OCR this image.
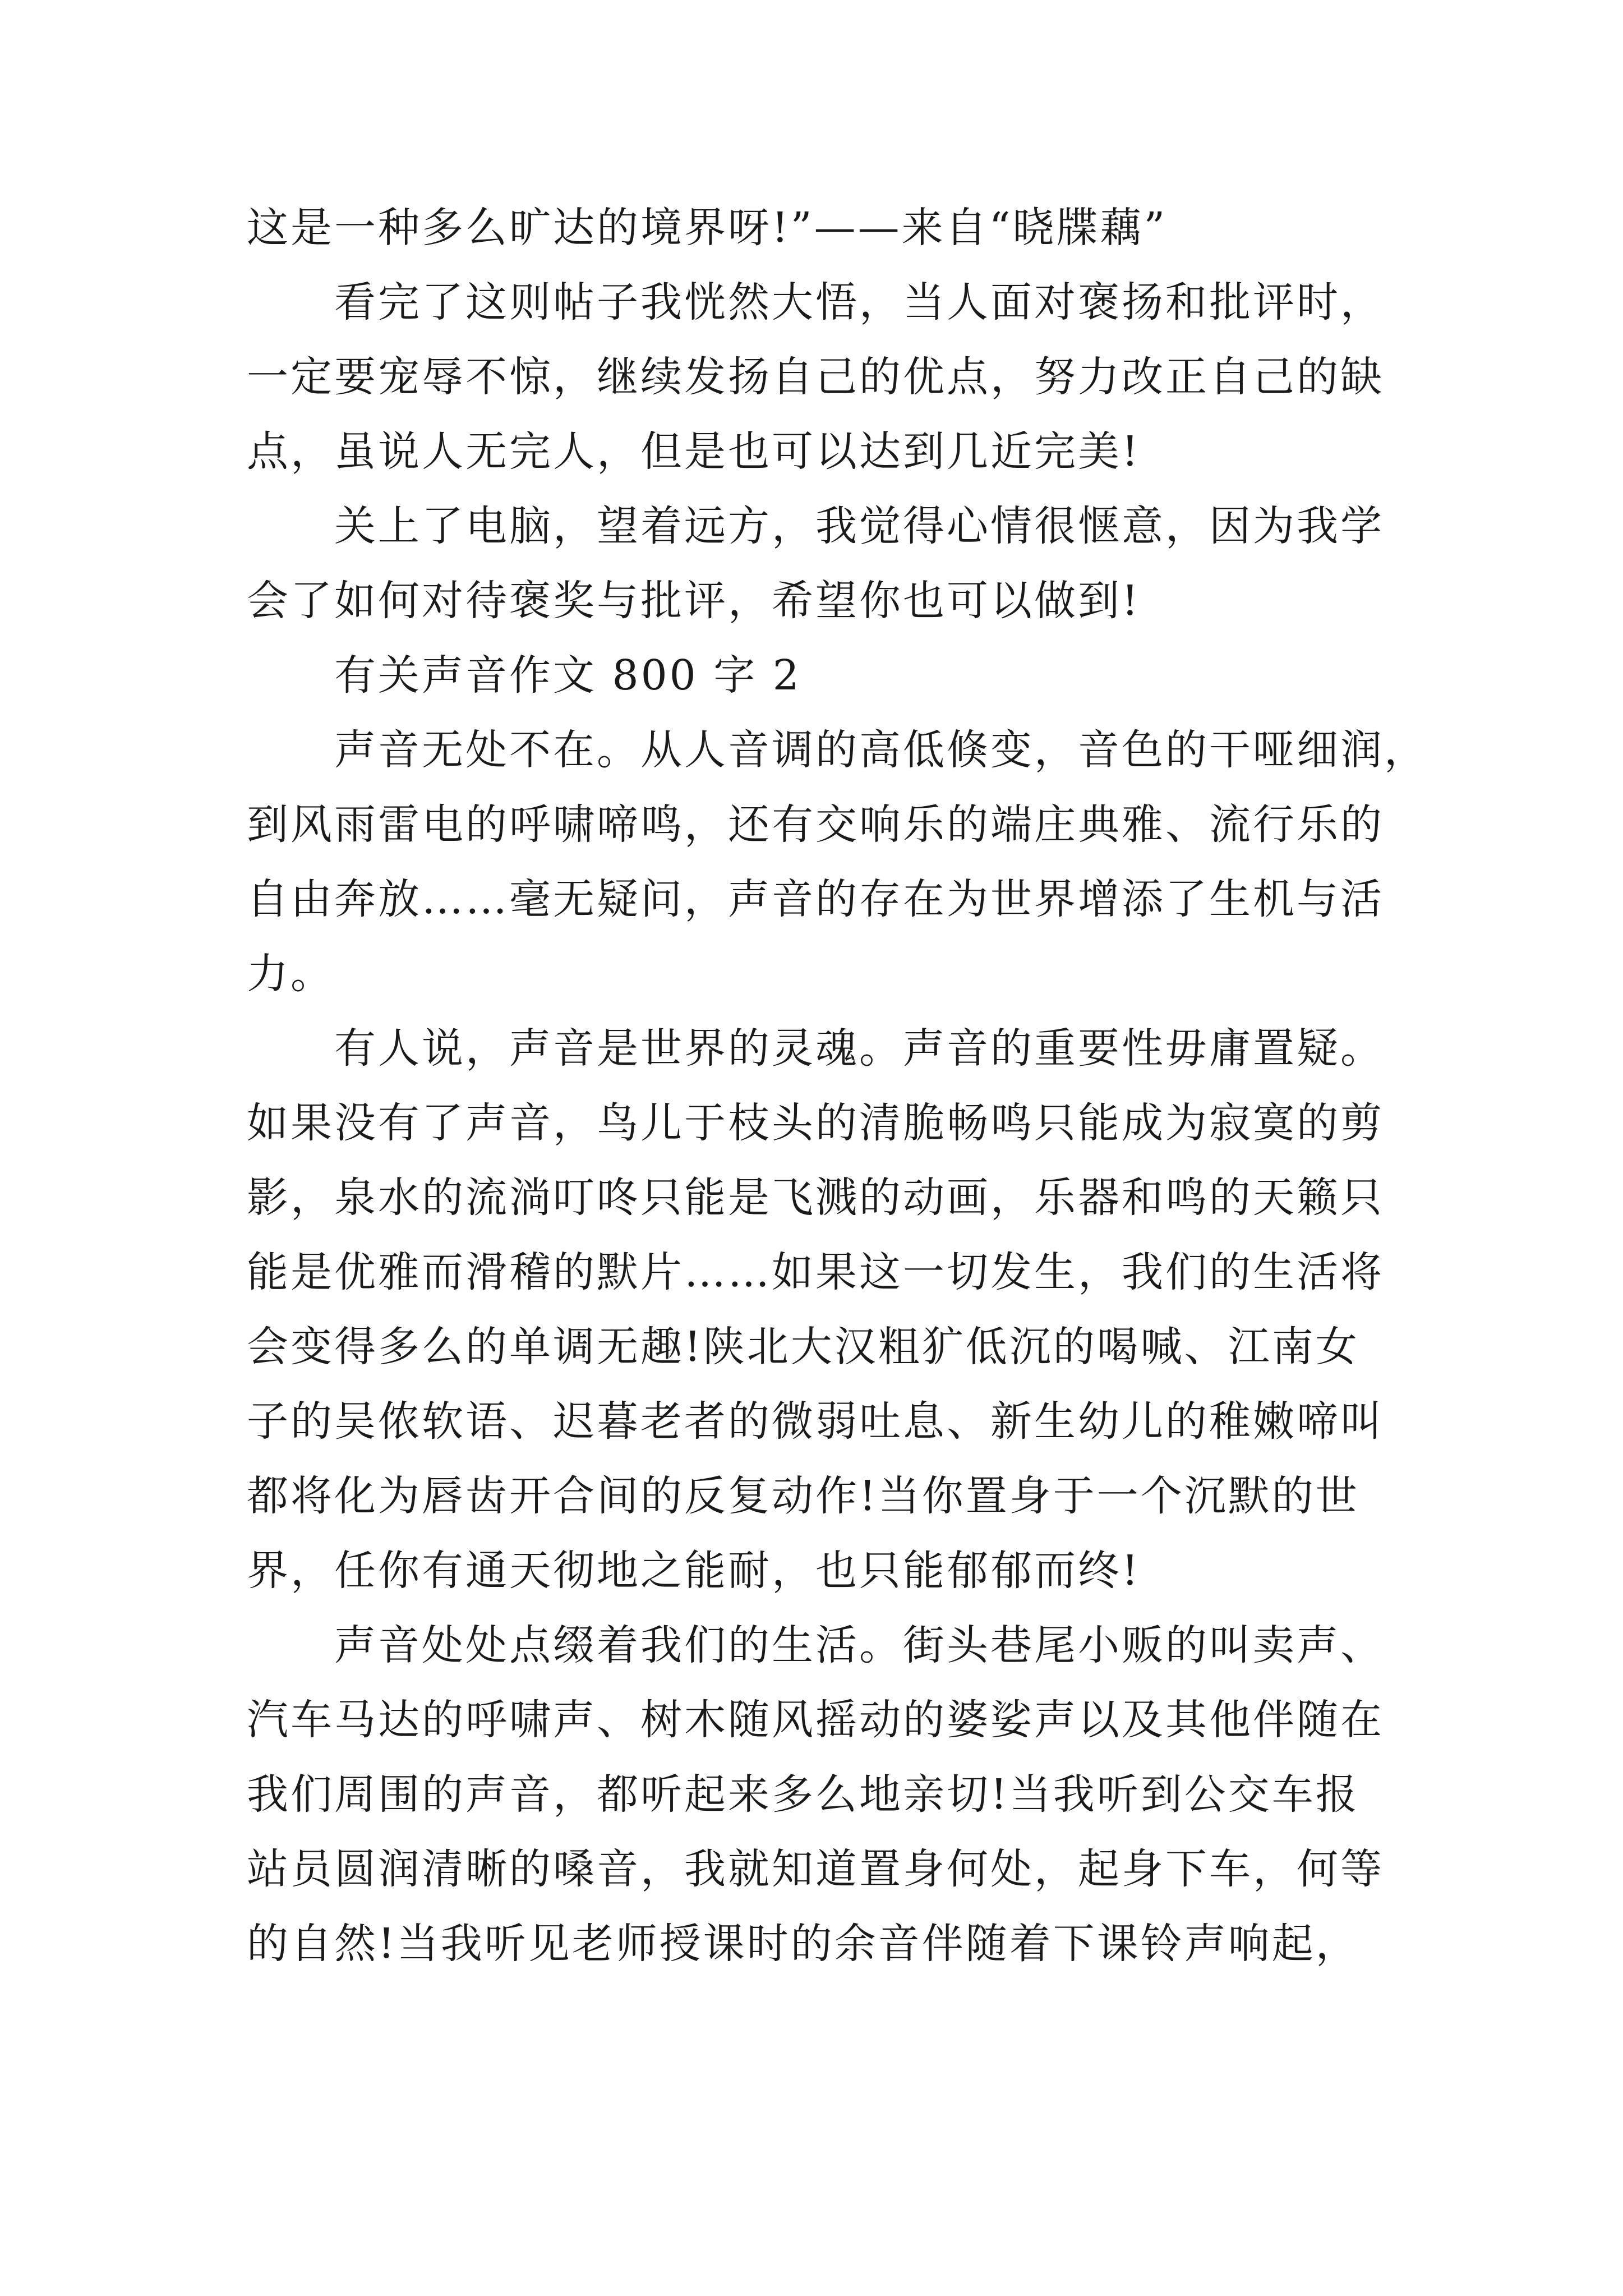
这是一种多么旷达的境界呀!”——来自“晓牒藕”
　　看完了这则帖子我恍然大悟，当人面对褒扬和批评时，
一定要宠辱不惊，继续发扬自己的优点，努力改正自己的缺
点，虽说人无完人，但是也可以达到几近完美!
　　关上了电脑，望着远方，我觉得心情很惬意，因为我学
会了如何对待褒奖与批评，希望你也可以做到!
　　有关声音作文 800 字 2
　　声音无处不在。从人音调的高低倏变，音色的干哑细润，
到风雨雷电的呼啸啼鸣，还有交响乐的端庄典雅、流行乐的
自由奔放……毫无疑问，声音的存在为世界增添了生机与活
力。
　　有人说，声音是世界的灵魂。声音的重要性毋庸置疑。
如果没有了声音，鸟儿于枝头的清脆畅鸣只能成为寂寞的剪
影，泉水的流淌叮咚只能是飞溅的动画，乐器和鸣的天籁只
能是优雅而滑稽的默片……如果这一切发生，我们的生活将
会变得多么的单调无趣!陕北大汉粗犷低沉的喝喊、江南女
子的吴侬软语、迟暮老者的微弱吐息、新生幼儿的稚嫩啼叫
都将化为唇齿开合间的反复动作!当你置身于一个沉默的世
界，任你有通天彻地之能耐，也只能郁郁而终!
　　声音处处点缀着我们的生活。街头巷尾小贩的叫卖声、
汽车马达的呼啸声、树木随风摇动的婆娑声以及其他伴随在
我们周围的声音，都听起来多么地亲切!当我听到公交车报
站员圆润清晰的嗓音，我就知道置身何处，起身下车，何等
的自然!当我听见老师授课时的余音伴随着下课铃声响起，
